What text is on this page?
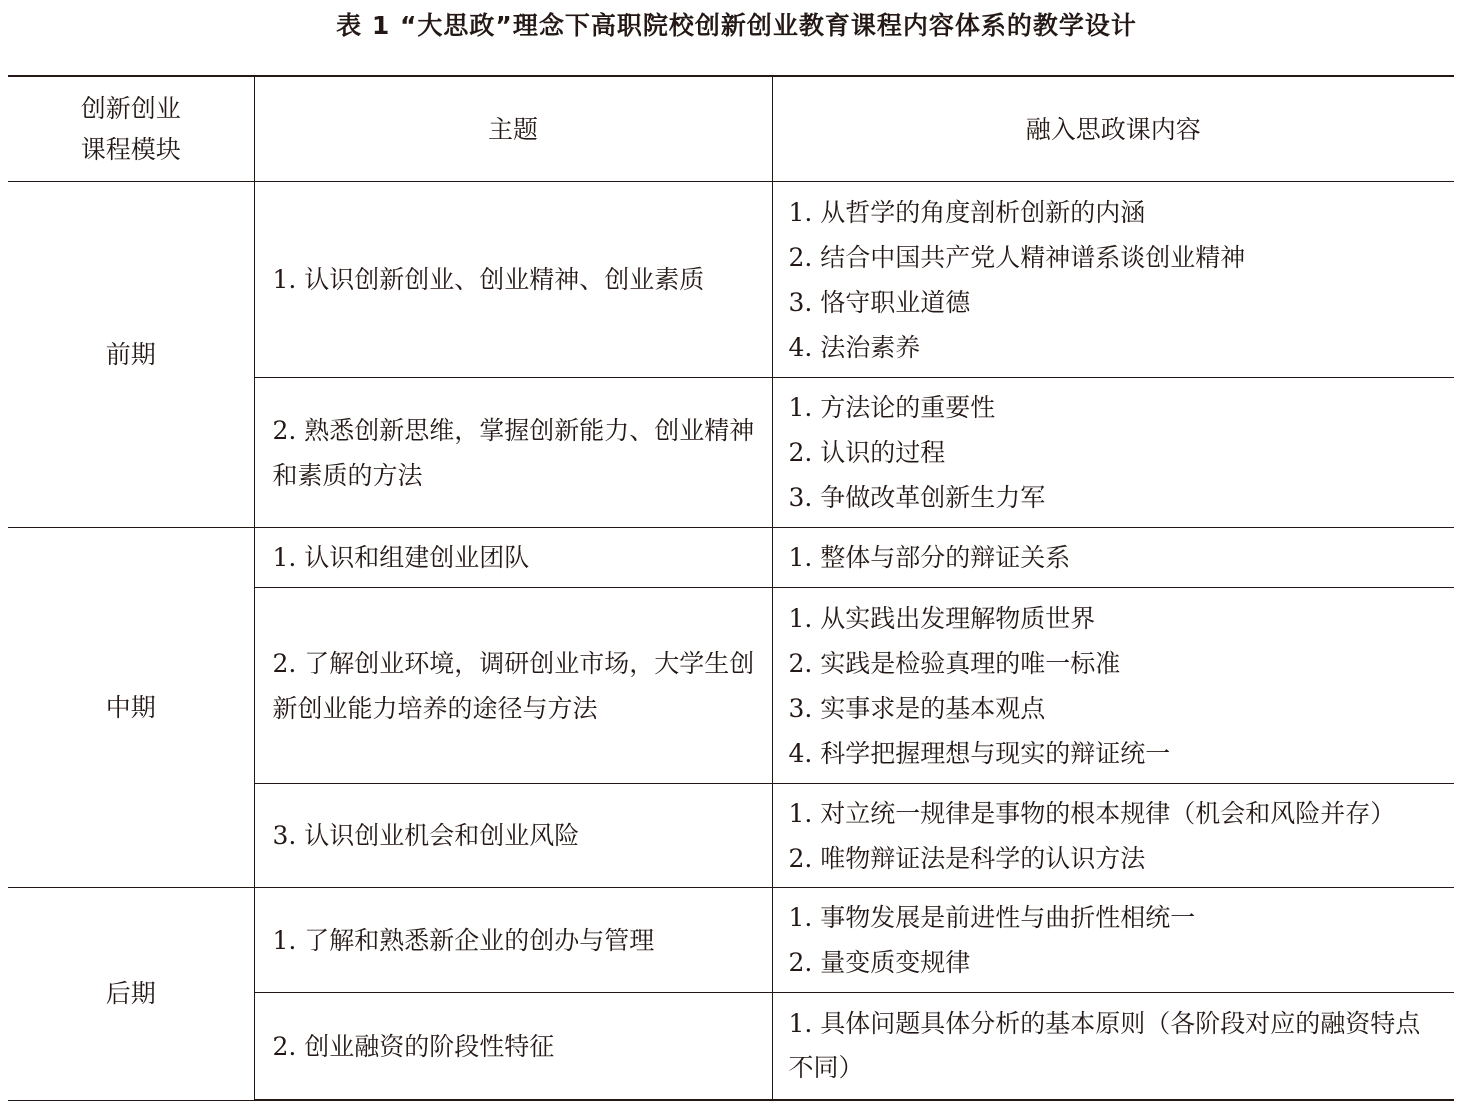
表 1 “大思政”理念下高职院校创新创业教育课程内容体系的教学设计
创新创业
课程模块	主题	融入思政课内容
前期	1. 认识创新创业、创业精神、创业素质	1. 从哲学的角度剖析创新的内涵
2. 结合中国共产党人精神谱系谈创业精神
3. 恪守职业道德
4. 法治素养

	2. 熟悉创新思维，掌握创新能力、创业精神和素质的方法	1. 方法论的重要性
2. 认识的过程
3. 争做改革创新生力军

中期	1. 认识和组建创业团队	1. 整体与部分的辩证关系

	2. 了解创业环境，调研创业市场，大学生创新创业能力培养的途径与方法	1. 从实践出发理解物质世界
2. 实践是检验真理的唯一标准
3. 实事求是的基本观点
4. 科学把握理想与现实的辩证统一

	3. 认识创业机会和创业风险	1. 对立统一规律是事物的根本规律（机会和风险并存）
2. 唯物辩证法是科学的认识方法

后期	1. 了解和熟悉新企业的创办与管理	1. 事物发展是前进性与曲折性相统一
2. 量变质变规律

	2. 创业融资的阶段性特征	1. 具体问题具体分析的基本原则（各阶段对应的融资特点不同）
